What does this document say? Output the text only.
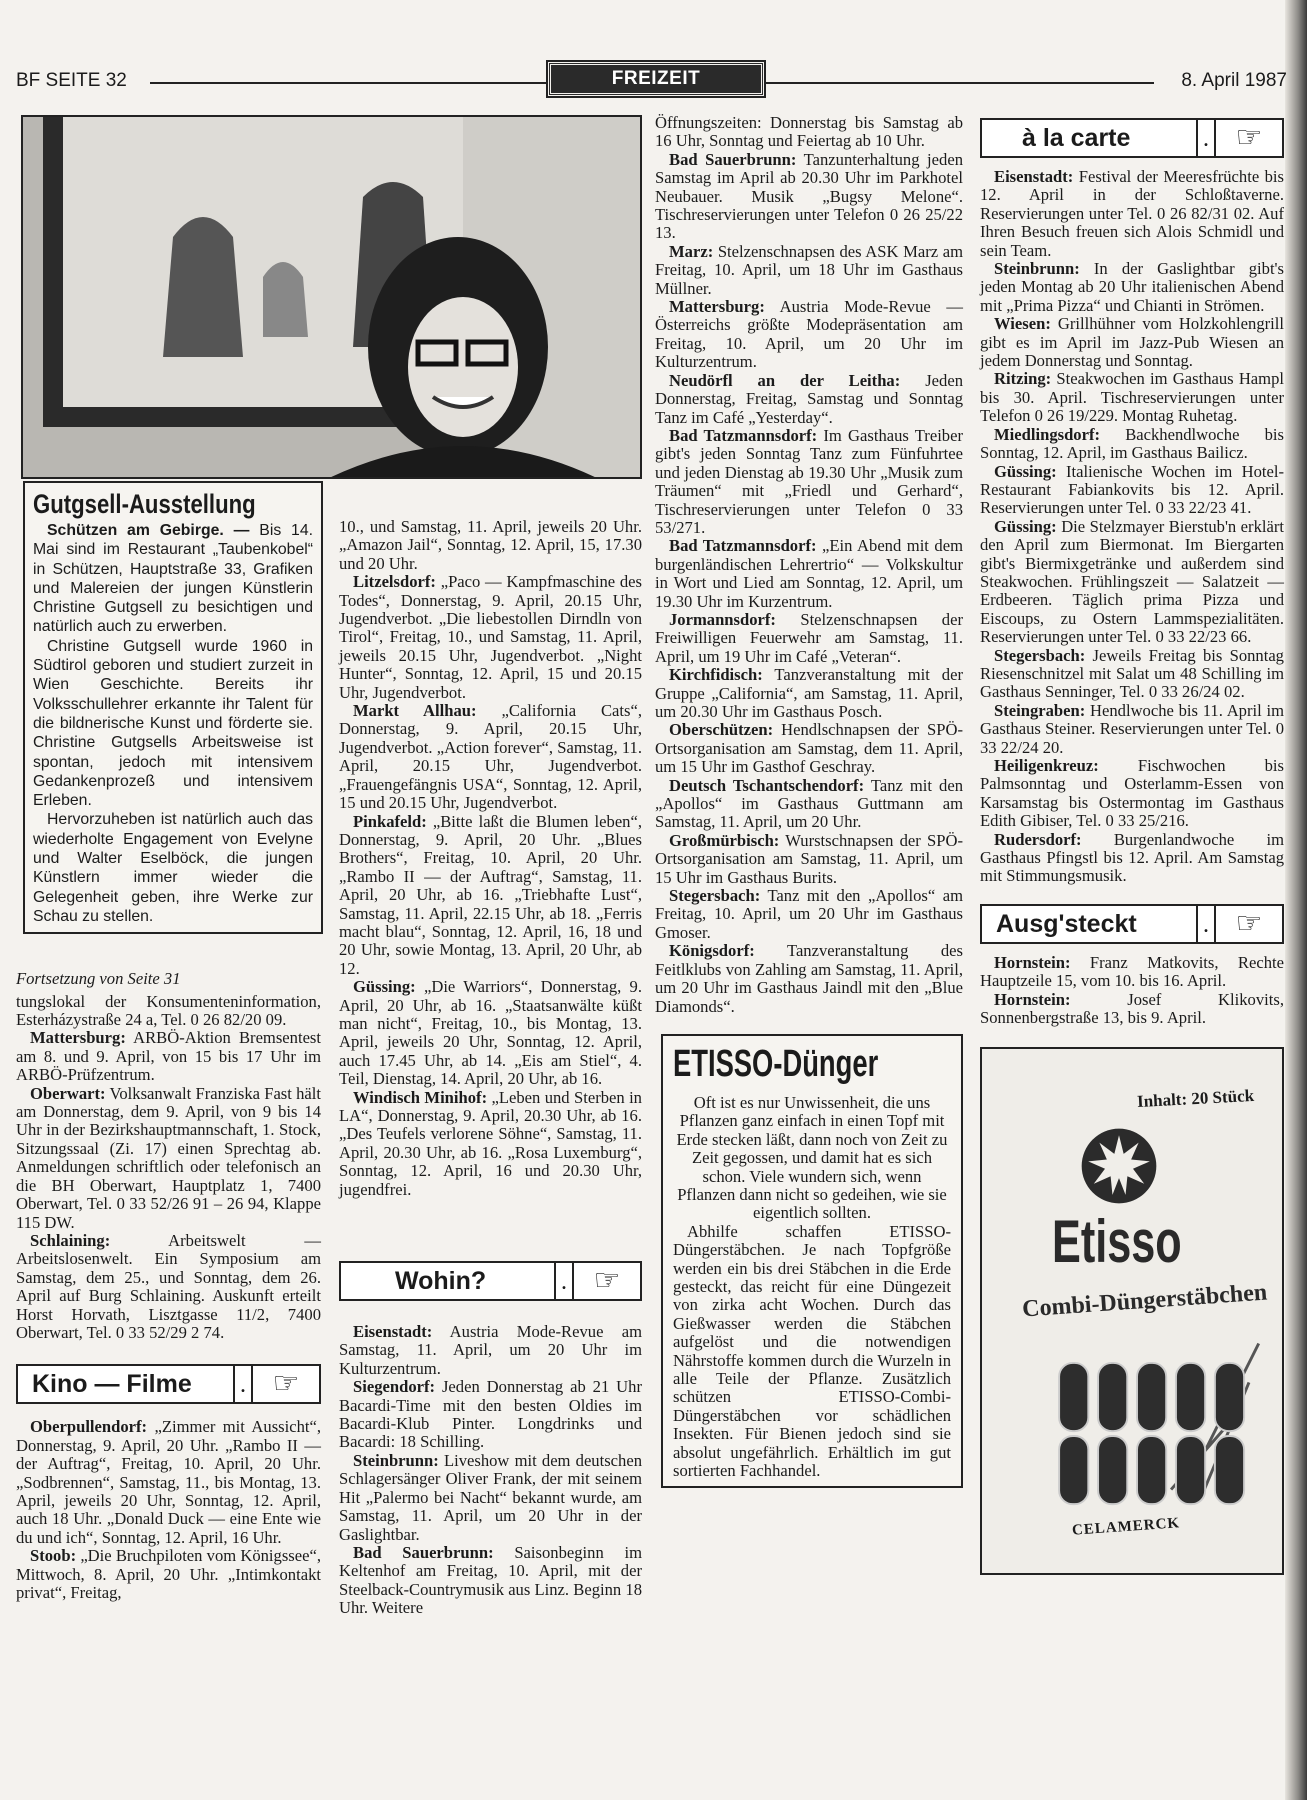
BF SEITE 32	FREIZEIT	8. April 1987
Gutgsell-Ausstellung

Schützen am Gebirge. — Bis 14. Mai sind im Restaurant „Taubenkobel“ in Schützen, Hauptstraße 33, Grafiken und Malereien der jungen Künstlerin Christine Gutgsell zu besichtigen und natürlich auch zu erwerben.

Christine Gutgsell wurde 1960 in Südtirol geboren und studiert zurzeit in Wien Geschichte. Bereits ihr Volksschullehrer erkannte ihr Talent für die bildnerische Kunst und förderte sie. Christine Gutgsells Arbeitsweise ist spontan, jedoch mit intensivem Gedankenprozeß und intensivem Erleben.

Hervorzuheben ist natürlich auch das wiederholte Engagement von Evelyne und Walter Eselböck, die jungen Künstlern immer wieder die Gelegenheit geben, ihre Werke zur Schau zu stellen.

Fortsetzung von Seite 31

tungslokal der Konsumenteninformation, Esterházystraße 24 a, Tel. 0 26 82/20 09.

Mattersburg: ARBÖ-Aktion Bremsentest am 8. und 9. April, von 15 bis 17 Uhr im ARBÖ-Prüfzentrum.

Oberwart: Volksanwalt Franziska Fast hält am Donnerstag, dem 9. April, von 9 bis 14 Uhr in der Bezirkshauptmannschaft, 1. Stock, Sitzungssaal (Zi. 17) einen Sprechtag ab. Anmeldungen schriftlich oder telefonisch an die BH Oberwart, Hauptplatz 1, 7400 Oberwart, Tel. 0 33 52/26 91 – 26 94, Klappe 115 DW.

Schlaining:	Arbeitswelt — Arbeitslosenwelt. Ein Symposium am Samstag, dem 25., und Sonntag, dem 26. April auf Burg Schlaining. Auskunft erteilt Horst Horvath, Lisztgasse 11/2, 7400 Oberwart, Tel. 0 33 52/29 2 74.

Kino — Filme	. ☞

Oberpullendorf: „Zimmer mit Aussicht“, Donnerstag, 9. April, 20 Uhr. „Rambo II — der Auftrag“, Freitag, 10. April, 20 Uhr. „Sodbrennen“, Samstag, 11., bis Montag, 13. April, jeweils 20 Uhr, Sonntag, 12. April, auch 18 Uhr. „Donald Duck — eine Ente wie du und ich“, Sonntag, 12. April, 16 Uhr.

Stoob: „Die Bruchpiloten vom Königssee“, Mittwoch, 8. April, 20 Uhr. „Intimkontakt privat“, Freitag,

10., und Samstag, 11. April, jeweils 20 Uhr. „Amazon Jail“, Sonntag, 12. April, 15, 17.30 und 20 Uhr.

Litzelsdorf: „Paco — Kampfmaschine des Todes“, Donnerstag, 9. April, 20.15 Uhr, Jugendverbot. „Die liebestollen Dirndln von Tirol“, Freitag, 10., und Samstag, 11. April, jeweils 20.15 Uhr, Jugendverbot. „Night Hunter“, Sonntag, 12. April, 15 und 20.15 Uhr, Jugendverbot.

Markt Allhau: „California Cats“, Donnerstag, 9. April, 20.15 Uhr, Jugendverbot. „Action forever“, Samstag, 11. April, 20.15 Uhr, Jugendverbot. „Frauengefängnis USA“, Sonntag, 12. April, 15 und 20.15 Uhr, Jugendverbot.

Pinkafeld: „Bitte laßt die Blumen leben“, Donnerstag, 9. April, 20 Uhr. „Blues Brothers“, Freitag, 10. April, 20 Uhr. „Rambo II — der Auftrag“, Samstag, 11. April, 20 Uhr, ab 16. „Triebhafte Lust“, Samstag, 11. April, 22.15 Uhr, ab 18. „Ferris macht blau“, Sonntag, 12. April, 16, 18 und 20 Uhr, sowie Montag, 13. April, 20 Uhr, ab 12.

Güssing: „Die Warriors“, Donnerstag, 9. April, 20 Uhr, ab 16. „Staatsanwälte küßt man nicht“, Freitag, 10., bis Montag, 13. April, jeweils 20 Uhr, Sonntag, 12. April, auch 17.45 Uhr, ab 14. „Eis am Stiel“, 4. Teil, Dienstag, 14. April, 20 Uhr, ab 16.

Windisch Minihof: „Leben und Sterben in LA“, Donnerstag, 9. April, 20.30 Uhr, ab 16. „Des Teufels verlorene Söhne“, Samstag, 11. April, 20.30 Uhr, ab 16. „Rosa Luxemburg“, Sonntag, 12. April, 16 und 20.30 Uhr, jugendfrei.

Wohin?	. ☞

Eisenstadt: Austria Mode-Revue am Samstag, 11. April, um 20 Uhr im Kulturzentrum.

Siegendorf: Jeden Donnerstag ab 21 Uhr Bacardi-Time mit den besten Oldies im Bacardi-Klub Pinter. Longdrinks und Bacardi: 18 Schilling.

Steinbrunn: Liveshow mit dem deutschen Schlagersänger Oliver Frank, der mit seinem Hit „Palermo bei Nacht“ bekannt wurde, am Samstag, 11. April, um 20 Uhr in der Gaslightbar.

Bad Sauerbrunn: Saisonbeginn im Keltenhof am Freitag, 10. April, mit der Steelback-Countrymusik aus Linz. Beginn 18 Uhr. Weitere

Öffnungszeiten: Donnerstag bis Samstag ab 16 Uhr, Sonntag und Feiertag ab 10 Uhr.

Bad Sauerbrunn: Tanzunterhaltung jeden Samstag im April ab 20.30 Uhr im Parkhotel Neubauer. Musik „Bugsy Melone“. Tischreservierungen unter Telefon 0 26 25/22 13.

Marz: Stelzenschnapsen des ASK Marz am Freitag, 10. April, um 18 Uhr im Gasthaus Müllner.

Mattersburg: Austria Mode-Revue — Österreichs größte Modepräsentation am Freitag, 10. April, um 20 Uhr im Kulturzentrum.

Neudörfl an der Leitha: Jeden Donnerstag, Freitag, Samstag und Sonntag Tanz im Café „Yesterday“.

Bad Tatzmannsdorf: Im Gasthaus Treiber gibt's jeden Sonntag Tanz zum Fünfuhrtee und jeden Dienstag ab 19.30 Uhr „Musik zum Träumen“ mit „Friedl und Gerhard“, Tischreservierungen unter Telefon 0 33 53/271.

Bad Tatzmannsdorf: „Ein Abend mit dem burgenländischen Lehrertrio“ — Volkskultur in Wort und Lied am Sonntag, 12. April, um 19.30 Uhr im Kurzentrum.

Jormannsdorf: Stelzenschnapsen der Freiwilligen Feuerwehr am Samstag, 11. April, um 19 Uhr im Café „Veteran“.

Kirchfidisch: Tanzveranstaltung mit der Gruppe „California“, am Samstag, 11. April, um 20.30 Uhr im Gasthaus Posch.

Oberschützen: Hendlschnapsen der SPÖ-Ortsorganisation am Samstag, dem 11. April, um 15 Uhr im Gasthof Geschray.

Deutsch Tschantschendorf: Tanz mit den „Apollos“ im Gasthaus Guttmann am Samstag, 11. April, um 20 Uhr.

Großmürbisch: Wurstschnapsen der SPÖ-Ortsorganisation am Samstag, 11. April, um 15 Uhr im Gasthaus Burits.

Stegersbach: Tanz mit den „Apollos“ am Freitag, 10. April, um 20 Uhr im Gasthaus Gmoser.

Königsdorf: Tanzveranstaltung des Feitlklubs von Zahling am Samstag, 11. April, um 20 Uhr im Gasthaus Jaindl mit den „Blue Diamonds“.

ETISSO-Dünger

Oft ist es nur Unwissenheit, die uns Pflanzen ganz einfach in einen Topf mit Erde stecken läßt, dann noch von Zeit zu Zeit gegossen, und damit hat es sich schon. Viele wundern sich, wenn Pflanzen dann nicht so gedeihen, wie sie eigentlich sollten.

Abhilfe schaffen ETISSO-Düngerstäbchen. Je nach Topfgröße werden ein bis drei Stäbchen in die Erde gesteckt, das reicht für eine Düngezeit von zirka acht Wochen. Durch das Gießwasser werden die Stäbchen aufgelöst und die notwendigen Nährstoffe kommen durch die Wurzeln in alle Teile der Pflanze. Zusätzlich schützen ETISSO-Combi-Düngerstäbchen vor schädlichen Insekten. Für Bienen jedoch sind sie absolut ungefährlich. Erhältlich im gut sortierten Fachhandel.

à la carte	. ☞

Eisenstadt: Festival der Meeresfrüchte bis 12. April in der Schloßtaverne. Reservierungen unter Tel. 0 26 82/31 02. Auf Ihren Besuch freuen sich Alois Schmidl und sein Team.

Steinbrunn: In der Gaslightbar gibt's jeden Montag ab 20 Uhr italienischen Abend mit „Prima Pizza“ und Chianti in Strömen.

Wiesen: Grillhühner vom Holzkohlengrill gibt es im April im Jazz-Pub Wiesen an jedem Donnerstag und Sonntag.

Ritzing: Steakwochen im Gasthaus Hampl bis 30. April. Tischreservierungen unter Telefon 0 26 19/229. Montag Ruhetag.

Miedlingsdorf: Backhendlwoche bis Sonntag, 12. April, im Gasthaus Bailicz.

Güssing: Italienische Wochen im Hotel-Restaurant Fabiankovits bis 12. April. Reservierungen unter Tel. 0 33 22/23 41.

Güssing: Die Stelzmayer Bierstub'n erklärt den April zum Biermonat. Im Biergarten gibt's Biermixgetränke und außerdem sind Steakwochen. Frühlingszeit — Salatzeit — Erdbeeren. Täglich prima Pizza und Eiscoups, zu Ostern Lammspezialitäten. Reservierungen unter Tel. 0 33 22/23 66.

Stegersbach: Jeweils Freitag bis Sonntag Riesenschnitzel mit Salat um 48 Schilling im Gasthaus Senninger, Tel. 0 33 26/24 02.

Steingraben: Hendlwoche bis 11. April im Gasthaus Steiner. Reservierungen unter Tel. 0 33 22/24 20.

Heiligenkreuz: Fischwochen bis Palmsonntag und Osterlamm-Essen von Karsamstag bis Ostermontag im Gasthaus Edith Gibiser, Tel. 0 33 25/216.

Rudersdorf: Burgenlandwoche im Gasthaus Pfingstl bis 12. April. Am Samstag mit Stimmungsmusik.

Ausg'steckt	. ☞

Hornstein: Franz Matkovits, Rechte Hauptzeile 15, vom 10. bis 16. April.

Hornstein:	Josef Klikovits, Sonnenbergstraße 13, bis 9. April.

Inhalt: 20 Stück
Etisso
Combi-Düngerstäbchen
CELAMERCK
